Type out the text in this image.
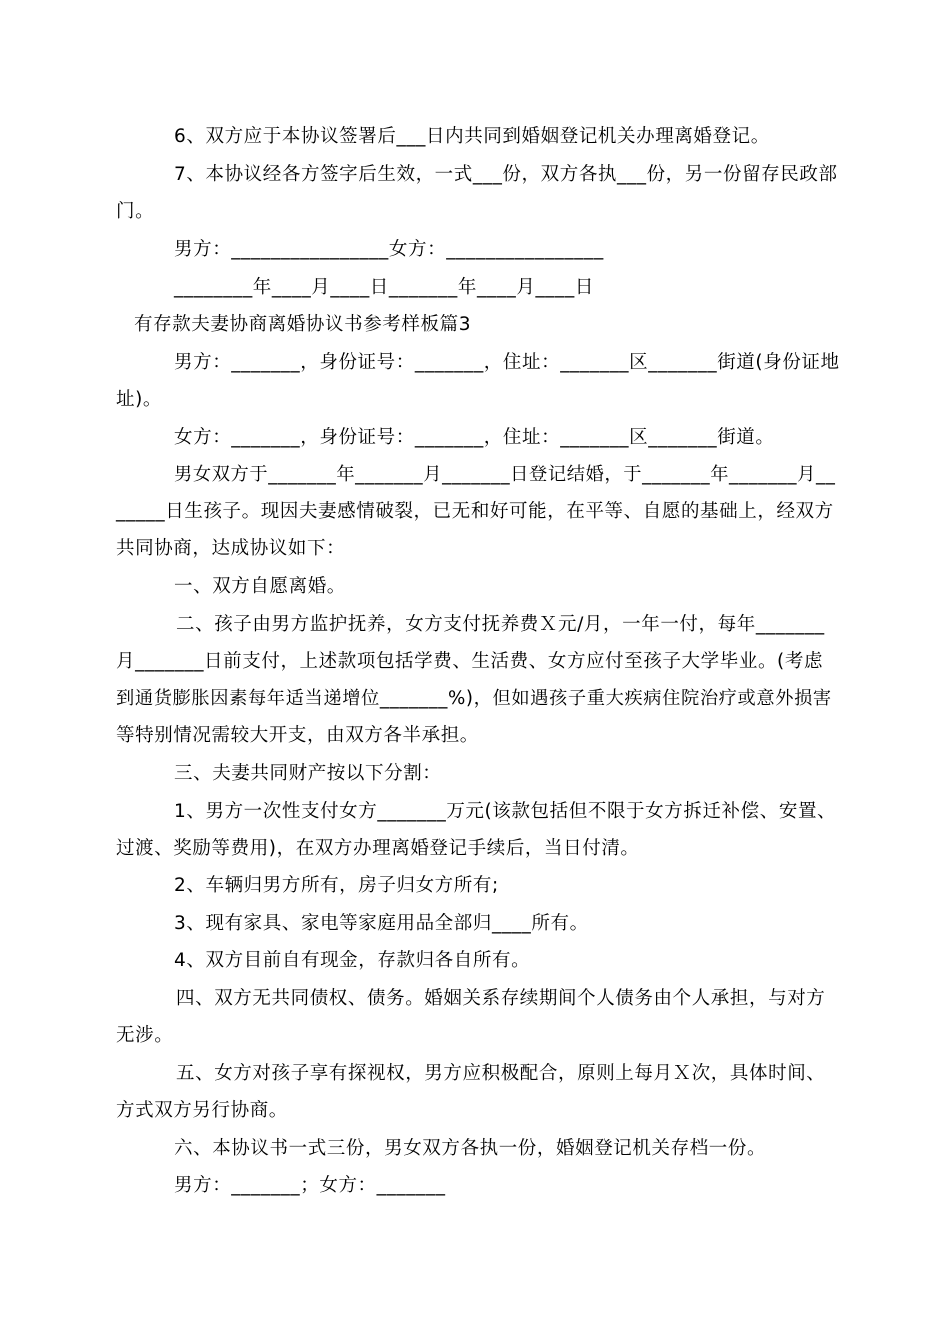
6、双方应于本协议签署后___日内共同到婚姻登记机关办理离婚登记。

7、本协议经各方签字后生效，一式___份，双方各执___份，另一份留存民政部

门。

男方：________________女方：________________

________年____月____日_______年____月____日

有存款夫妻协商离婚协议书参考样板篇3

男方：_______，身份证号：_______，住址：_______区_______街道(身份证地

址)。

女方：_______，身份证号：_______，住址：_______区_______街道。

男女双方于_______年_______月_______日登记结婚，于_______年_______月__

_____日生孩子。现因夫妻感情破裂，已无和好可能，在平等、自愿的基础上，经双方

共同协商，达成协议如下：

一、双方自愿离婚。

二、孩子由男方监护抚养，女方支付抚养费Ｘ元/月，一年一付，每年_______

月_______日前支付，上述款项包括学费、生活费、女方应付至孩子大学毕业。(考虑

到通货膨胀因素每年适当递增位_______%)，但如遇孩子重大疾病住院治疗或意外损害

等特别情况需较大开支，由双方各半承担。

三、夫妻共同财产按以下分割：

1、男方一次性支付女方_______万元(该款包括但不限于女方拆迁补偿、安置、

过渡、奖励等费用)，在双方办理离婚登记手续后，当日付清。

2、车辆归男方所有，房子归女方所有;

3、现有家具、家电等家庭用品全部归____所有。

4、双方目前自有现金，存款归各自所有。

四、双方无共同债权、债务。婚姻关系存续期间个人债务由个人承担，与对方

无涉。

五、女方对孩子享有探视权，男方应积极配合，原则上每月Ｘ次，具体时间、

方式双方另行协商。

六、本协议书一式三份，男女双方各执一份，婚姻登记机关存档一份。

男方：_______；女方：_______
